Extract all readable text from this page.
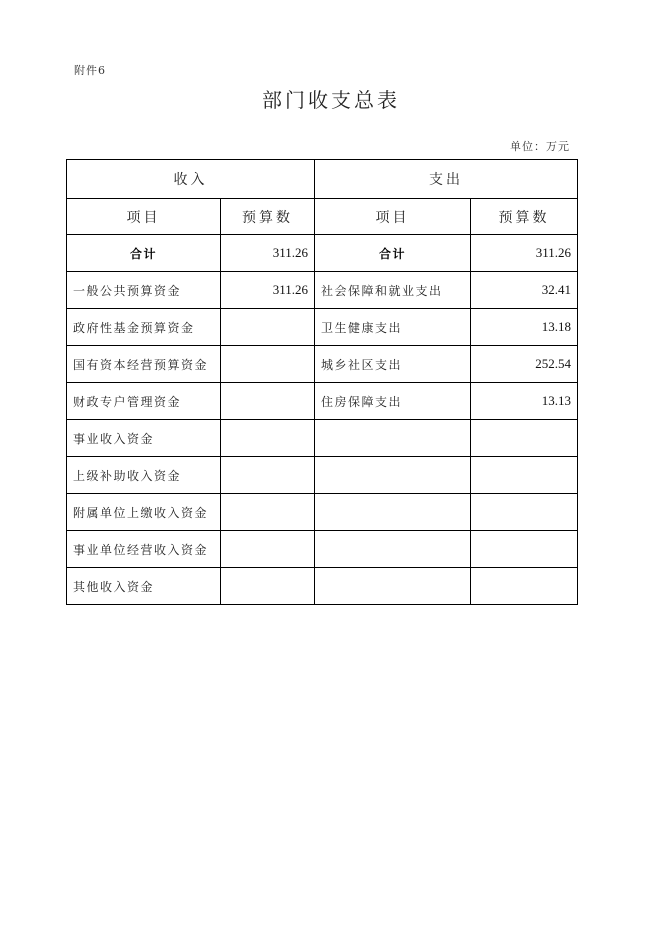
附件6
部门收支总表
单位：万元
收入		支出	
项目	预算数	项目	预算数
合计	311.26	合计	311.26
一般公共预算资金	311.26	社会保障和就业支出	32.41
政府性基金预算资金		卫生健康支出	13.18
国有资本经营预算资金		城乡社区支出	252.54
财政专户管理资金		住房保障支出	13.13
事业收入资金			
上级补助收入资金			
附属单位上缴收入资金			
事业单位经营收入资金			
其他收入资金			
